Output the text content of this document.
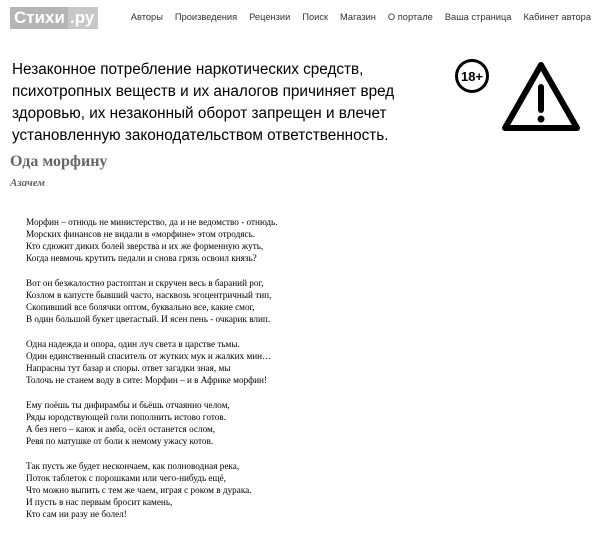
Стихи .ру	Авторы Произведения Рецензии Поиск Магазин О портале Ваша страница Кабинет автора
Незаконное потребление наркотических средств, психотропных веществ и их аналогов причиняет вред здоровью, их незаконный оборот запрещен и влечет установленную законодательством ответственность.
18+
Ода морфину
Азачем
Морфин – отнюдь не министерство, да и не ведомство - отнюдь.
Морских финансов не видали в «морфине» этом отродясь.
Кто сдюжит диких болей зверства и их же форменную жуть,
Когда невмочь крутить педали и снова грязь освоил князь?
Вот он безжалостно растоптан и скручен весь в бараний рог,
Козлом в капусте бывший часто, насквозь эгоцентричный тип,
Скопивший все болячки оптом, буквально все, какие смог,
В один большой букет цветастый. И ясен пень - очкарик влип.
Одна надежда и опора, один луч света в царстве тьмы.
Один единственный спаситель от жутких мук и жалких мин…
Напрасны тут базар и споры. ответ загадки зная, мы
Толочь не станем воду в сите: Морфин – и в Африке морфин!
Ему поёшь ты дифирамбы и бьёшь отчаянно челом,
Ряды юродствующей голи пополнить истово готов.
А без него – каюк и амба, осёл останется ослом,
Ревя по матушке от боли к немому ужасу котов.
Так пусть же будет нескончаем, как полноводная река,
Поток таблеток с порошками или чего-нибудь ещё,
Что можно выпить с тем же чаем, играя с роком в дурака.
И пусть в нас первым бросит камень,
Кто сам ни разу не болел!
